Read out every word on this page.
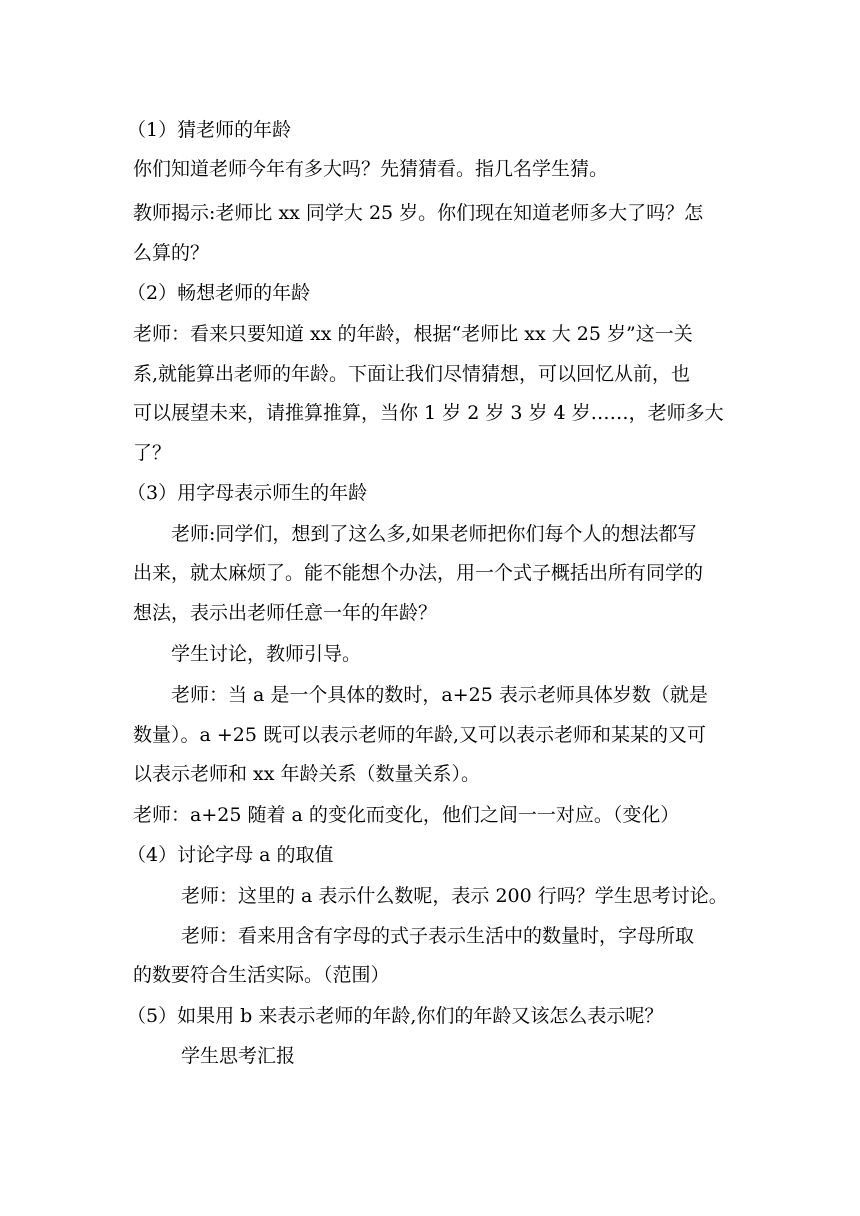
（1）猜老师的年龄
你们知道老师今年有多大吗？先猜猜看。指几名学生猜。
教师揭示:老师比 xx 同学大 25 岁。你们现在知道老师多大了吗？怎
么算的？
（2）畅想老师的年龄
老师：看来只要知道 xx 的年龄，根据“老师比 xx 大 25 岁”这一关
系,就能算出老师的年龄。下面让我们尽情猜想，可以回忆从前，也
可以展望未来，请推算推算，当你 1 岁 2 岁 3 岁 4 岁……，老师多大
了？
（3）用字母表示师生的年龄
老师:同学们，想到了这么多,如果老师把你们每个人的想法都写
出来，就太麻烦了。能不能想个办法，用一个式子概括出所有同学的
想法，表示出老师任意一年的年龄？
学生讨论，教师引导。
老师：当 a 是一个具体的数时，a+25 表示老师具体岁数（就是
数量）。a +25 既可以表示老师的年龄,又可以表示老师和某某的又可
以表示老师和 xx 年龄关系（数量关系）。
老师：a+25 随着 a 的变化而变化，他们之间一一对应。（变化）
（4）讨论字母 a 的取值
老师：这里的 a 表示什么数呢，表示 200 行吗？学生思考讨论。
老师：看来用含有字母的式子表示生活中的数量时，字母所取
的数要符合生活实际。（范围）
（5）如果用 b 来表示老师的年龄,你们的年龄又该怎么表示呢？
学生思考汇报
